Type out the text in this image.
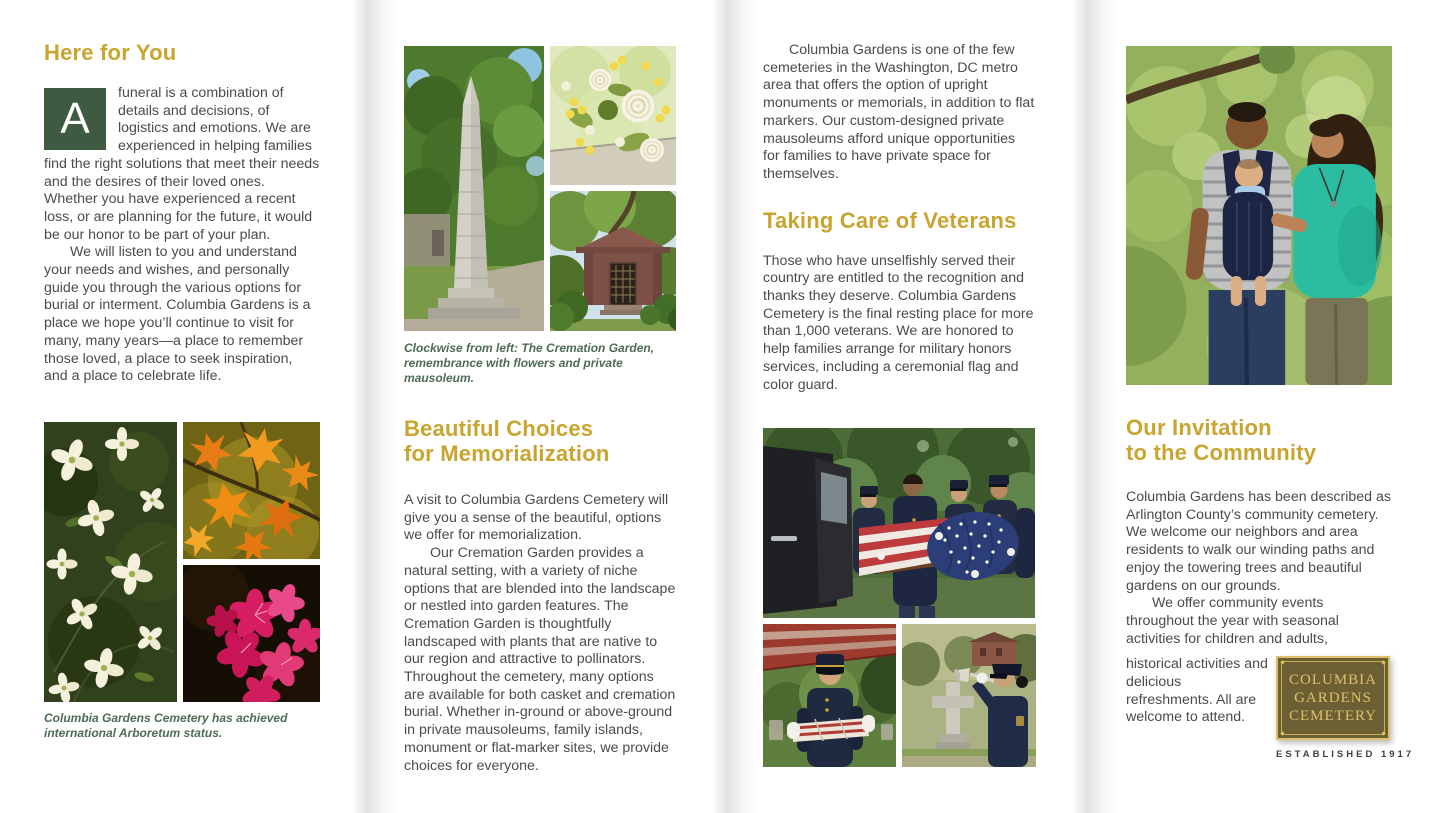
Here for You

A
funeral is a combination of details and decisions, of logistics and emotions. We are experienced in helping families find the right solutions that meet their needs and the desires of their loved ones. Whether you have experienced a recent loss, or are planning for the future, it would be our honor to be part of your plan.

We will listen to you and understand your needs and wishes, and personally guide you through the various options for burial or interment. Columbia Gardens is a place we hope you’ll continue to visit for many, many years—a place to remember those loved, a place to seek inspiration, and a place to celebrate life.

Columbia Gardens Cemetery has achieved international Arboretum status.

Clockwise from left: The Cremation Garden, remembrance with flowers and private mausoleum.

Beautiful Choices
for Memorialization

A visit to Columbia Gardens Cemetery will give you a sense of the beautiful, options we offer for memorialization.

Our Cremation Garden provides a natural setting, with a variety of niche options that are blended into the landscape or nestled into garden features. The Cremation Garden is thoughtfully landscaped with plants that are native to our region and attractive to pollinators. Throughout the cemetery, many options are available for both casket and cremation burial. Whether in-ground or above-ground in private mausoleums, family islands, monument or flat-marker sites, we provide choices for everyone.

Columbia Gardens is one of the few cemeteries in the Washington, DC metro area that offers the option of upright monuments or memorials, in addition to flat markers. Our custom-designed private mausoleums afford unique opportunities for families to have private space for themselves.

Taking Care of Veterans

Those who have unselfishly served their country are entitled to the recognition and thanks they deserve. Columbia Gardens Cemetery is the final resting place for more than 1,000 veterans. We are honored to help families arrange for military honors services, including a ceremonial flag and color guard.

Our Invitation
to the Community

Columbia Gardens has been described as Arlington County’s community cemetery. We welcome our neighbors and area residents to walk our winding paths and enjoy the towering trees and beautiful gardens on our grounds.

We offer community events throughout the year with seasonal activities for children and adults,

historical activities and delicious refreshments. All are welcome to attend.

COLUMBIA
GARDENS
CEMETERY
ESTABLISHED 1917
